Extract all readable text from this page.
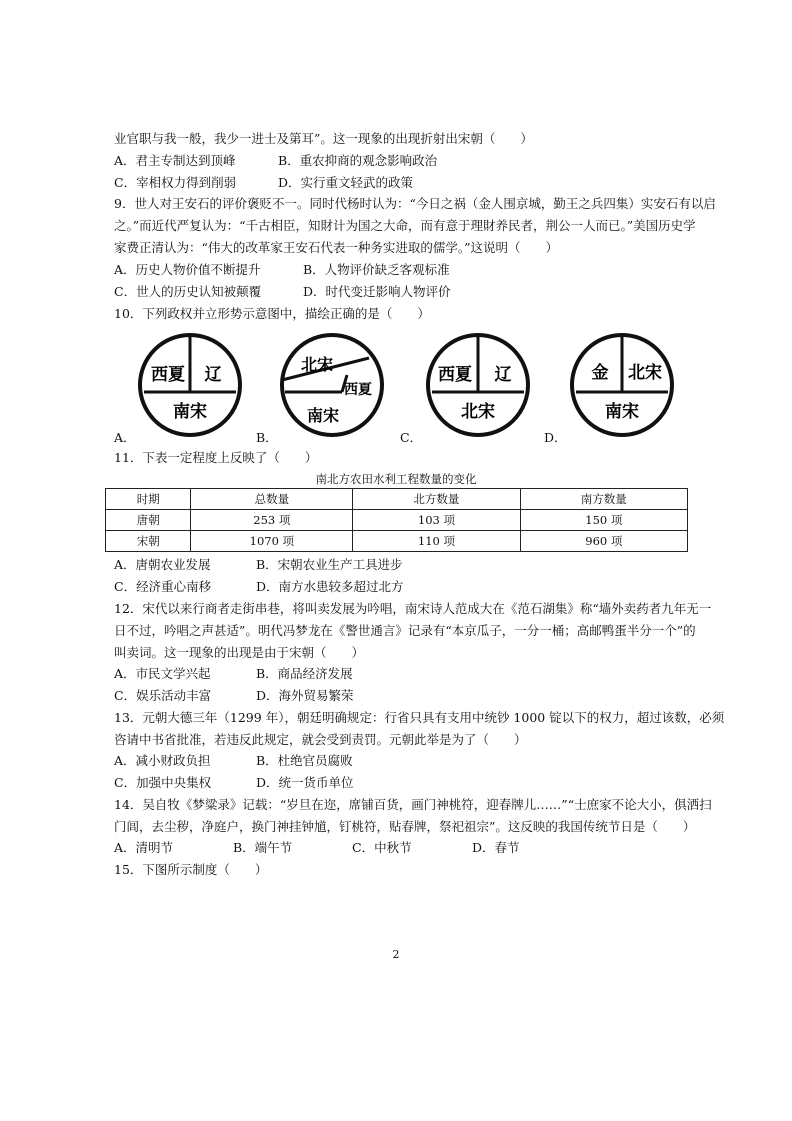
业官职与我一般，我少一进士及第耳”。这一现象的出现折射出宋朝（　　）
A．君主专制达到顶峰	B．重农抑商的观念影响政治
C．宰相权力得到削弱	D．实行重文轻武的政策
9．世人对王安石的评价褒贬不一。同时代杨时认为：“今日之祸（金人围京城，勤王之兵四集）实安石有以启
之。”而近代严复认为：“千古相臣，知財计为国之大命，而有意于理財养民者，荆公一人而已。”美国历史学
家费正清认为：“伟大的改革家王安石代表一种务实进取的儒学。”这说明（　　）
A．历史人物价值不断提升	B．人物评价缺乏客观标准
C．世人的历史认知被颠覆	D．时代变迁影响人物评价
10．下列政权并立形势示意图中，描绘正确的是（　　）
A．
西夏 辽
南宋
B．
北宋
西夏
南宋
C．
西夏 辽
北宋
D．
金 北宋
南宋
11．下表一定程度上反映了（　　）
南北方农田水利工程数量的变化
时期	总数量	北方数量	南方数量
唐朝	253 项	103 项	150 项
宋朝	1070 项	110 项	960 项
A．唐朝农业发展	B．宋朝农业生产工具进步
C．经济重心南移	D．南方水患较多超过北方
12．宋代以来行商者走街串巷，将叫卖发展为吟唱，南宋诗人范成大在《范石湖集》称“墙外卖药者九年无一
日不过，吟唱之声甚适”。明代冯梦龙在《警世通言》记录有“本京瓜子，一分一桶；高邮鸭蛋半分一个”的
叫卖词。这一现象的出现是由于宋朝（　　）
A．市民文学兴起	B．商品经济发展
C．娱乐活动丰富	D．海外贸易繁荣
13．元朝大德三年（1299 年），朝廷明确规定：行省只具有支用中统钞 1000 锭以下的权力，超过该数，必须
咨请中书省批准，若违反此规定，就会受到责罚。元朝此举是为了（　　）
A．减小财政负担	B．杜绝官员腐败
C．加强中央集权	D．统一货币单位
14．吴自牧《梦粱录》记载：“岁旦在迩，席铺百货，画门神桃符，迎春牌儿……”“士庶家不论大小，俱洒扫
门闾，去尘秽，净庭户，换门神挂钟馗，钉桃符，贴春牌，祭祀祖宗”。这反映的我国传统节日是（　　）
A．清明节	B．端午节	C．中秋节	D．春节
15．下图所示制度（　　）
2
